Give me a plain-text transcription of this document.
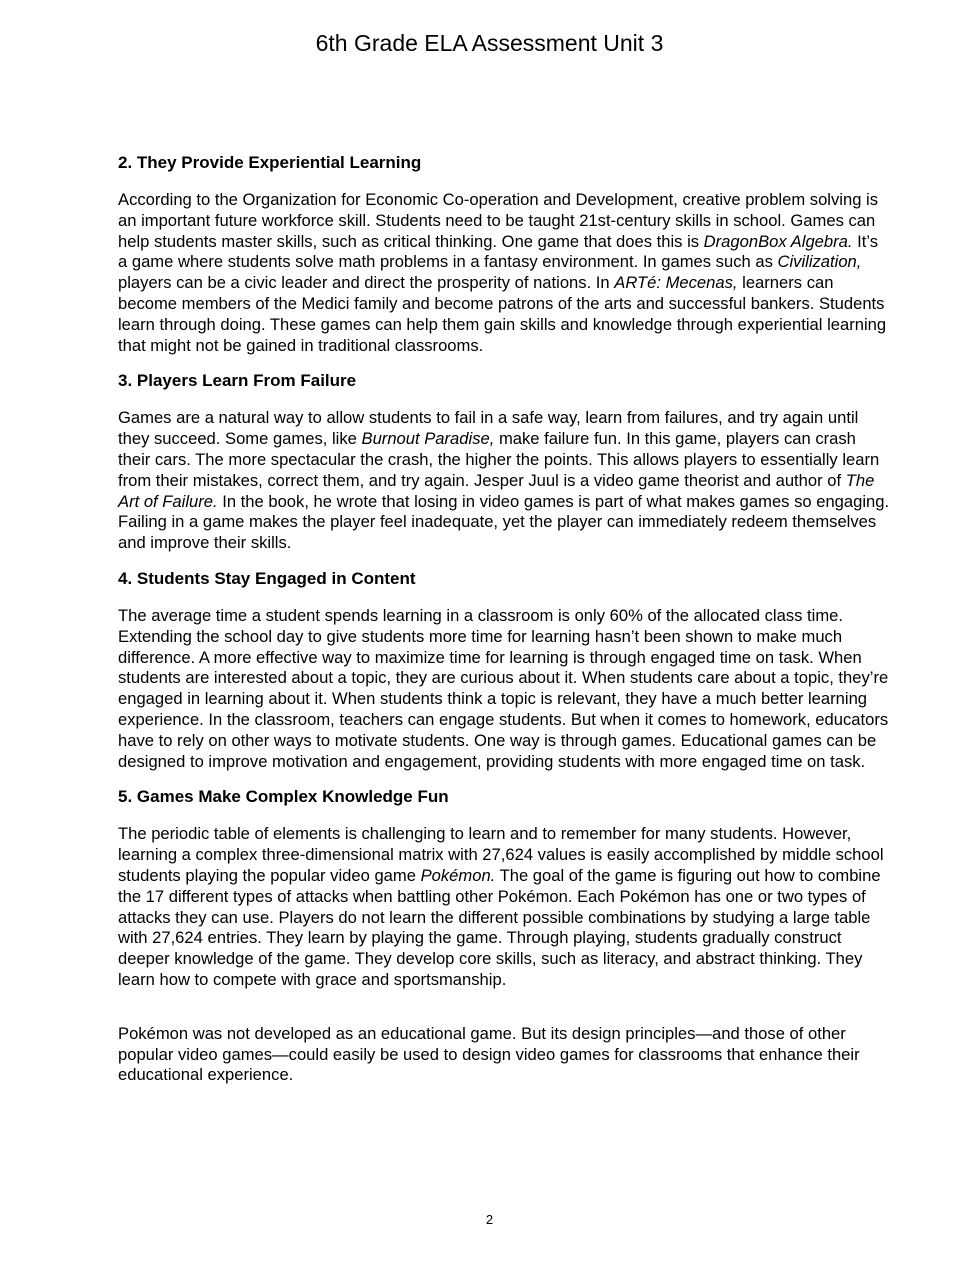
6th Grade ELA Assessment Unit 3
2. They Provide Experiential Learning

According to the Organization for Economic Co-operation and Development, creative problem solving is an important future workforce skill. Students need to be taught 21st-century skills in school. Games can help students master skills, such as critical thinking. One game that does this is DragonBox Algebra. It’s a game where students solve math problems in a fantasy environment. In games such as Civilization, players can be a civic leader and direct the prosperity of nations. In ARTé: Mecenas, learners can become members of the Medici family and become patrons of the arts and successful bankers. Students learn through doing. These games can help them gain skills and knowledge through experiential learning that might not be gained in traditional classrooms.

3. Players Learn From Failure

Games are a natural way to allow students to fail in a safe way, learn from failures, and try again until they succeed. Some games, like Burnout Paradise, make failure fun. In this game, players can crash their cars. The more spectacular the crash, the higher the points. This allows players to essentially learn from their mistakes, correct them, and try again. Jesper Juul is a video game theorist and author of The Art of Failure. In the book, he wrote that losing in video games is part of what makes games so engaging. Failing in a game makes the player feel inadequate, yet the player can immediately redeem themselves and improve their skills.

4. Students Stay Engaged in Content

The average time a student spends learning in a classroom is only 60% of the allocated class time. Extending the school day to give students more time for learning hasn’t been shown to make much difference. A more effective way to maximize time for learning is through engaged time on task. When students are interested about a topic, they are curious about it. When students care about a topic, they’re engaged in learning about it. When students think a topic is relevant, they have a much better learning experience. In the classroom, teachers can engage students. But when it comes to homework, educators have to rely on other ways to motivate students. One way is through games. Educational games can be designed to improve motivation and engagement, providing students with more engaged time on task.

5. Games Make Complex Knowledge Fun

The periodic table of elements is challenging to learn and to remember for many students. However, learning a complex three-dimensional matrix with 27,624 values is easily accomplished by middle school students playing the popular video game Pokémon. The goal of the game is figuring out how to combine the 17 different types of attacks when battling other Pokémon. Each Pokémon has one or two types of attacks they can use. Players do not learn the different possible combinations by studying a large table with 27,624 entries. They learn by playing the game. Through playing, students gradually construct deeper knowledge of the game. They develop core skills, such as literacy, and abstract thinking. They learn how to compete with grace and sportsmanship.

Pokémon was not developed as an educational game. But its design principles—and those of other popular video games—could easily be used to design video games for classrooms that enhance their educational experience.

2
